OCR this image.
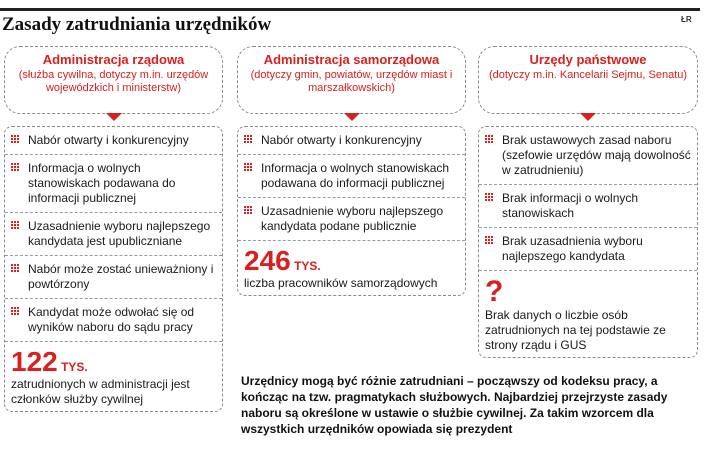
Zasady zatrudniania urzędników	ŁR
Administracja rządowa
(służba cywilna, dotyczy m.in. urzędów wojewódzkich i ministerstw)
Nabór otwarty i konkurencyjny
Informacja o wolnych stanowiskach podawana do informacji publicznej
Uzasadnienie wyboru najlepszego kandydata jest upubliczniane
Nabór może zostać unieważniony i powtórzony
Kandydat może odwołać się od wyników naboru do sądu pracy
122 TYS.
zatrudnionych w administracji jest członków służby cywilnej
Administracja samorządowa
(dotyczy gmin, powiatów, urzędów miast i marszałkowskich)
Nabór otwarty i konkurencyjny
Informacja o wolnych stanowiskach podawana do informacji publicznej
Uzasadnienie wyboru najlepszego kandydata podane publicznie
246 TYS.
liczba pracowników samorządowych
Urzędy państwowe
(dotyczy m.in. Kancelarii Sejmu, Senatu)
Brak ustawowych zasad naboru (szefowie urzędów mają dowolność w zatrudnieniu)
Brak informacji o wolnych stanowiskach
Brak uzasadnienia wyboru najlepszego kandydata
?
Brak danych o liczbie osób zatrudnionych na tej podstawie ze strony rządu i GUS
Urzędnicy mogą być różnie zatrudniani – począwszy od kodeksu pracy, a kończąc na tzw. pragmatykach służbowych. Najbardziej przejrzyste zasady naboru są określone w ustawie o służbie cywilnej. Za takim wzorcem dla wszystkich urzędników opowiada się prezydent
